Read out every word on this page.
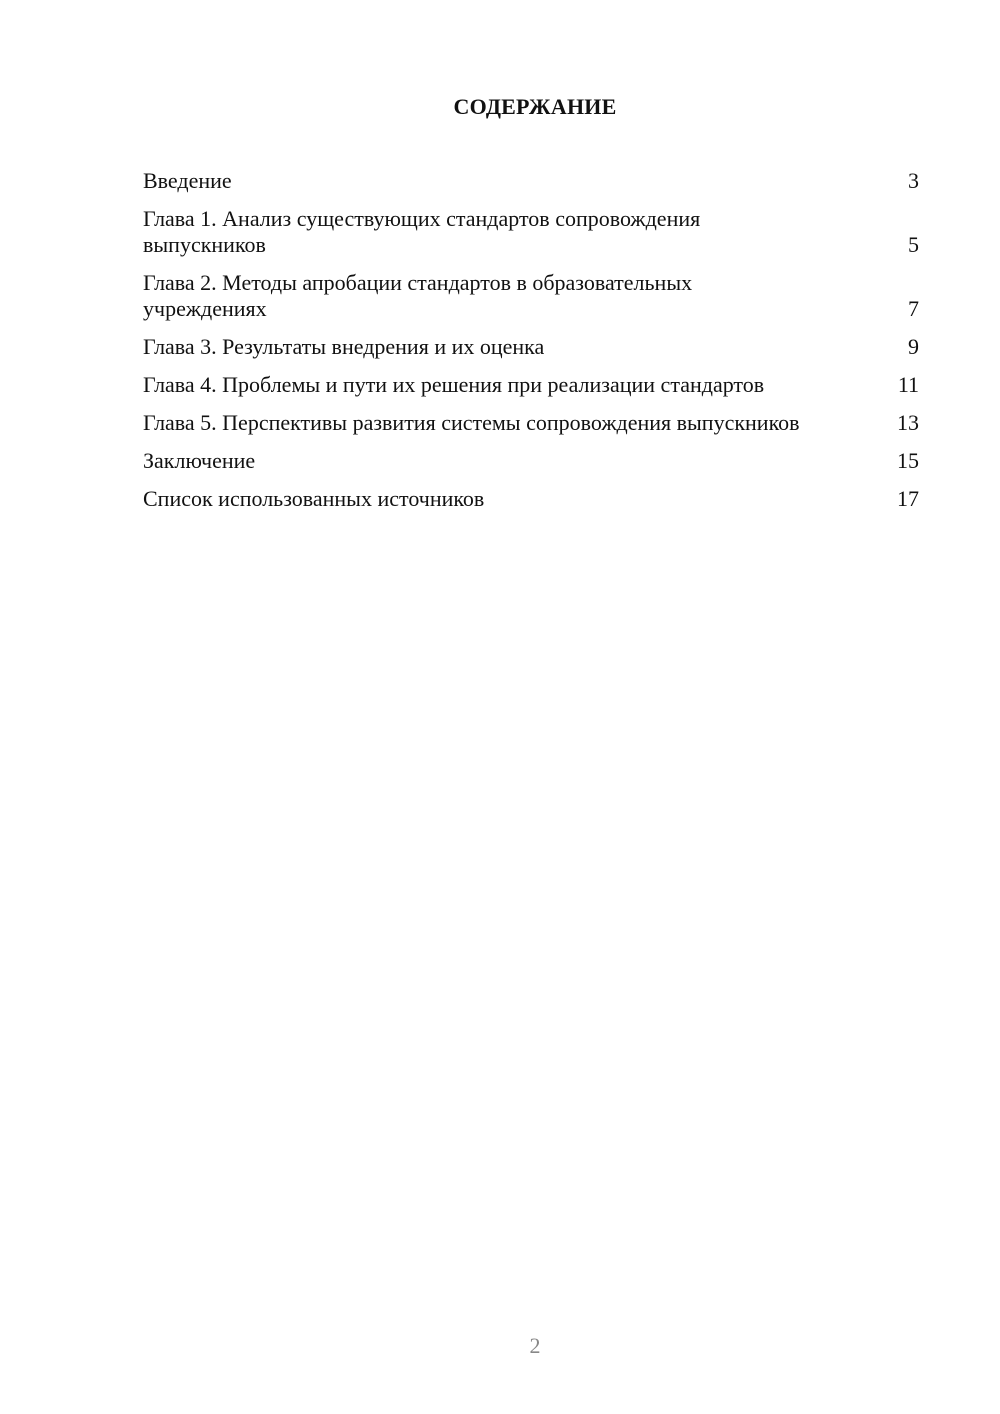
СОДЕРЖАНИЕ
Введение	3
Глава 1. Анализ существующих стандартов сопровождения выпускников	5
Глава 2. Методы апробации стандартов в образовательных учреждениях	7
Глава 3. Результаты внедрения и их оценка	9
Глава 4. Проблемы и пути их решения при реализации стандартов	11
Глава 5. Перспективы развития системы сопровождения выпускников	13
Заключение	15
Список использованных источников	17
2
